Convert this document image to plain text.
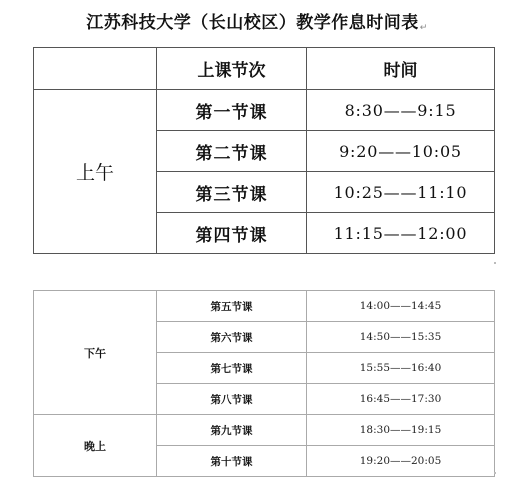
江苏科技大学（长山校区）教学作息时间表↵
	上课节次	时间
上午	第一节课	8:30——9:15
	第二节课	9:20——10:05
	第三节课	10:25——11:10
	第四节课	11:15——12:00
下午	第五节课	14:00——14:45
	第六节课	14:50——15:35
	第七节课	15:55——16:40
	第八节课	16:45——17:30
晚上	第九节课	18:30——19:15
	第十节课	19:20——20:05
